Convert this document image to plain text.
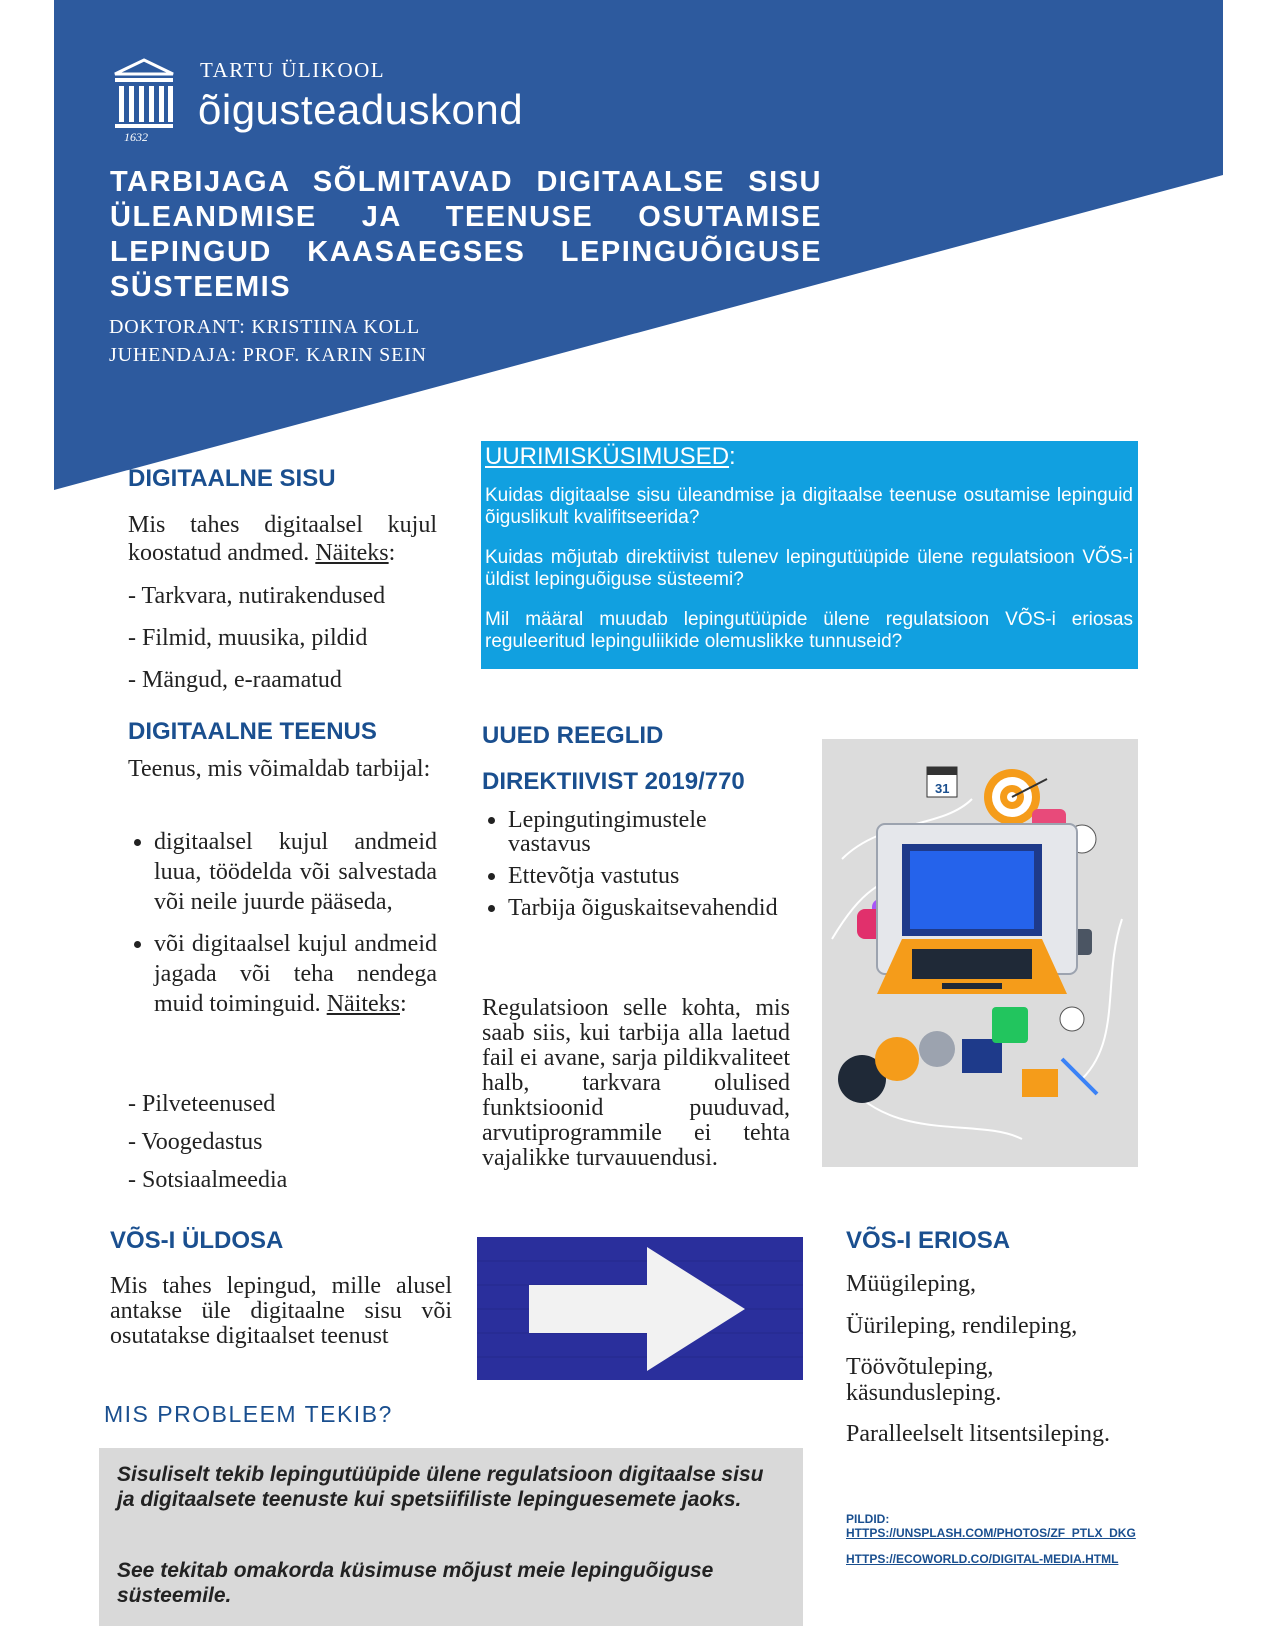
1632
TARTU ÜLIKOOL
õigusteaduskond
TARBIJAGA SÕLMITAVAD DIGITAALSE SISU ÜLEANDMISE JA TEENUSE OSUTAMISE LEPINGUD KAASAEGSES LEPINGUÕIGUSE SÜSTEEMIS
DOKTORANT: KRISTIINA KOLL
JUHENDAJA: PROF. KARIN SEIN
DIGITAALNE SISU
Mis tahes digitaalsel kujul koostatud andmed. Näiteks:
- Tarkvara, nutirakendused
- Filmid, muusika, pildid
- Mängud, e-raamatud
DIGITAALNE TEENUS
Teenus, mis võimaldab tarbijal:
• digitaalsel kujul andmeid luua, töödelda või salvestada või neile juurde pääseda,
• või digitaalsel kujul andmeid jagada või teha nendega muid toiminguid. Näiteks:
- Pilveteenused
- Voogedastus
- Sotsiaalmeedia
UURIMISKÜSIMUSED:
Kuidas digitaalse sisu üleandmise ja digitaalse teenuse osutamise lepinguid õiguslikult kvalifitseerida?
Kuidas mõjutab direktiivist tulenev lepingutüüpide ülene regulatsioon VÕS-i üldist lepinguõiguse süsteemi?
Mil määral muudab lepingutüüpide ülene regulatsioon VÕS-i eriosas reguleeritud lepinguliikide olemuslikke tunnuseid?
UUED REEGLID
DIREKTIIVIST 2019/770
• Lepingutingimustele vastavus
• Ettevõtja vastutus
• Tarbija õiguskaitsevahendid
Regulatsioon selle kohta, mis saab siis, kui tarbija alla laetud fail ei avane, sarja pildikvaliteet halb, tarkvara olulised funktsioonid puuduvad, arvutiprogrammile ei tehta vajalikke turvauuendusi.
31
VÕS-I ÜLDOSA
Mis tahes lepingud, mille alusel antakse üle digitaalne sisu või osutatakse digitaalset teenust
VÕS-I ERIOSA
Müügileping,
Üürileping, rendileping,
Töövõtuleping, käsundusleping.
Paralleelselt litsentsileping.
MIS PROBLEEM TEKIB?

Sisuliselt tekib lepingutüüpide ülene regulatsioon digitaalse sisu ja digitaalsete teenuste kui spetsiifiliste lepinguesemete jaoks.

See tekitab omakorda küsimuse mõjust meie lepinguõiguse süsteemile.

PILDID:
HTTPS://UNSPLASH.COM/PHOTOS/ZF_PTLX_DKG
HTTPS://ECOWORLD.CO/DIGITAL-MEDIA.HTML
